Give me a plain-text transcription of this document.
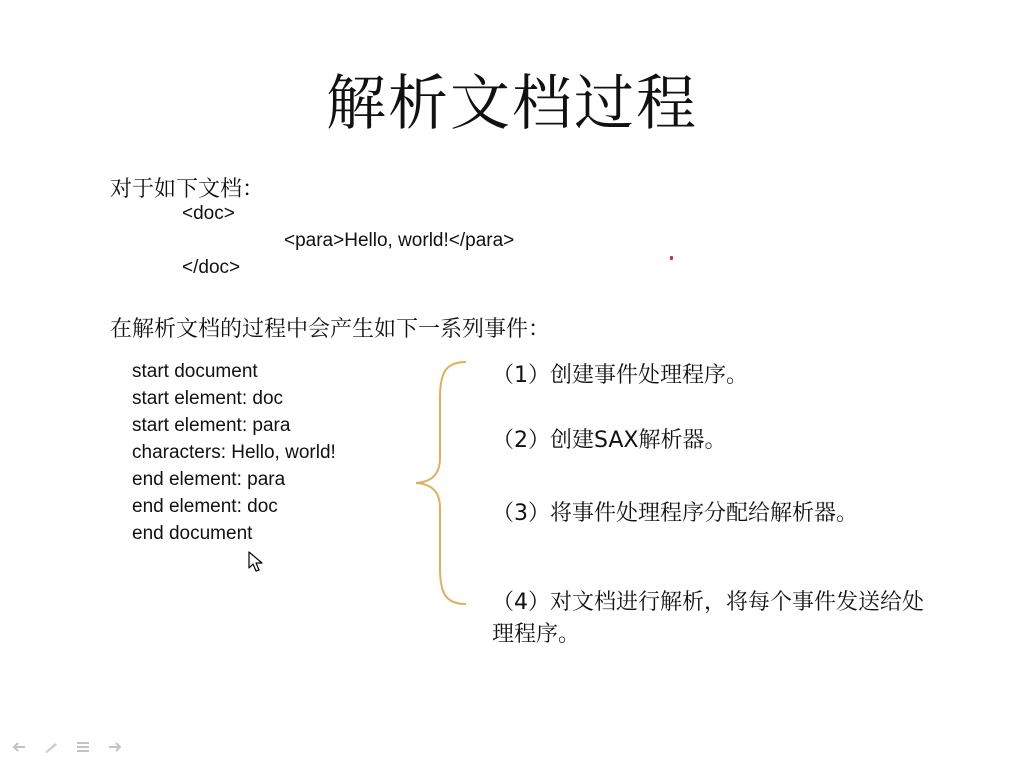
解析文档过程
对于如下文档：
<doc>
<para>Hello, world!</para>
</doc>
在解析文档的过程中会产生如下一系列事件：
start document
start element: doc
start element: para
characters: Hello, world!
end element: para
end element: doc
end document
（1）创建事件处理程序。
（2）创建SAX解析器。
（3）将事件处理程序分配给解析器。
（4）对文档进行解析，将每个事件发送给处
理程序。
